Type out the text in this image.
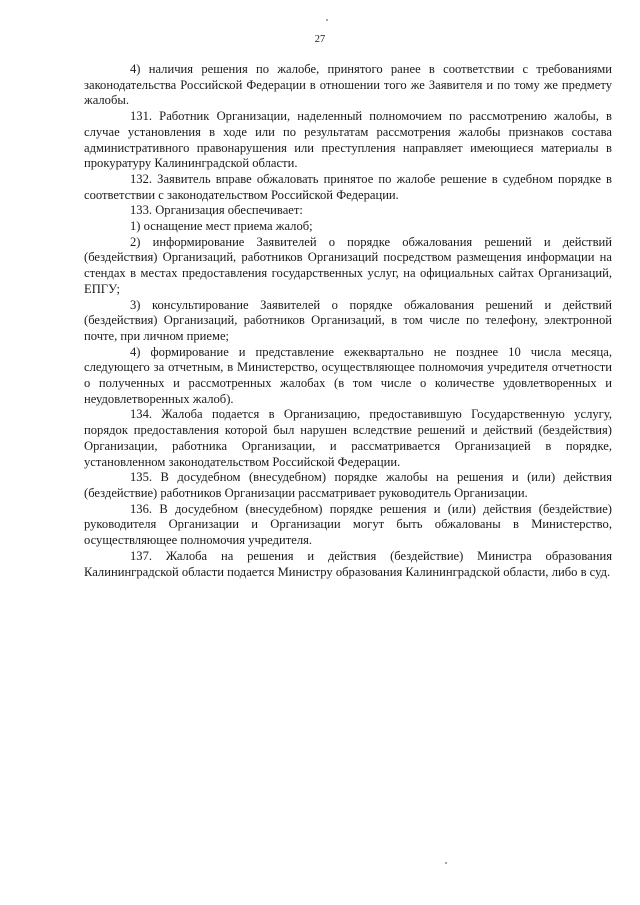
27

4) наличия решения по жалобе, принятого ранее в соответствии с требованиями законодательства Российской Федерации в отношении того же Заявителя и по тому же предмету жалобы.

131. Работник Организации, наделенный полномочием по рассмотрению жалобы, в случае установления в ходе или по результатам рассмотрения жалобы признаков состава административного правонарушения или преступления направляет имеющиеся материалы в прокуратуру Калининградской области.

132. Заявитель вправе обжаловать принятое по жалобе решение в судебном порядке в соответствии с законодательством Российской Федерации.

133. Организация обеспечивает:

1) оснащение мест приема жалоб;

2) информирование Заявителей о порядке обжалования решений и действий (бездействия) Организаций, работников Организаций посредством размещения информации на стендах в местах предоставления государственных услуг, на официальных сайтах Организаций, ЕПГУ;

3) консультирование Заявителей о порядке обжалования решений и действий (бездействия) Организаций, работников Организаций, в том числе по телефону, электронной почте, при личном приеме;

4) формирование и представление ежеквартально не позднее 10 числа месяца, следующего за отчетным, в Министерство, осуществляющее полномочия учредителя отчетности о полученных и рассмотренных жалобах (в том числе о количестве удовлетворенных и неудовлетворенных жалоб).

134. Жалоба подается в Организацию, предоставившую Государственную услугу, порядок предоставления которой был нарушен вследствие решений и действий (бездействия) Организации, работника Организации, и рассматривается Организацией в порядке, установленном законодательством Российской Федерации.

135. В досудебном (внесудебном) порядке жалобы на решения и (или) действия (бездействие) работников Организации рассматривает руководитель Организации.

136. В досудебном (внесудебном) порядке решения и (или) действия (бездействие) руководителя Организации и Организации могут быть обжалованы в Министерство, осуществляющее полномочия учредителя.

137. Жалоба на решения и действия (бездействие) Министра образования Калининградской области подается Министру образования Калининградской области, либо в суд.
